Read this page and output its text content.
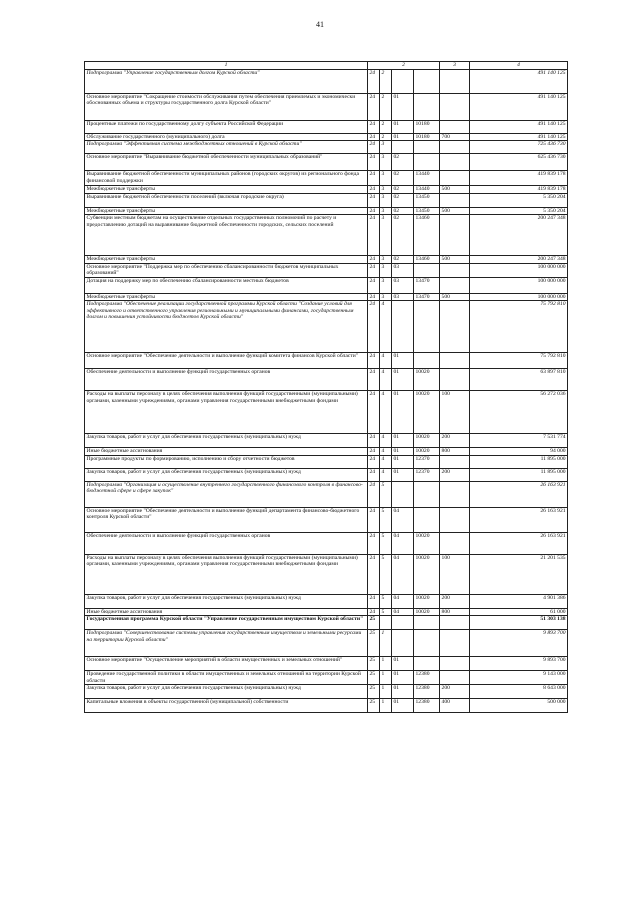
41
1	2				3	4
Подпрограмма "Управление государственным долгом Курской области"	24	2				491 140 125
Основное мероприятие "Сокращение стоимости обслуживания путем обеспечения приемлемых и экономически обоснованных объема и структуры государственного долга Курской области"	24	2	01			491 140 125
Процентные платежи по государственному долгу субъекта Российской Федерации	24	2	01	10180		491 140 125
Обслуживание государственного (муниципального) долга	24	2	01	10180	700	491 140 125
Подпрограмма "Эффективная система межбюджетных отношений в Курской области"	24	3				725 436 730
Основное мероприятие "Выравнивание бюджетной обеспеченности муниципальных образований"	24	3	02			625 436 730
Выравнивание бюджетной обеспеченности муниципальных районов (городских округов) из регионального фонда финансовой поддержки	24	3	02	13440		419 839 178
Межбюджетные трансферты	24	3	02	13440	500	419 839 178
Выравнивание бюджетной обеспеченности поселений (включая городские округа)	24	3	02	13450		5 350 204
Межбюджетные трансферты	24	3	02	13450	500	5 350 204
Субвенции местным бюджетам на осуществление отдельных государственных полномочий по расчету и предоставлению дотаций на выравнивание бюджетной обеспеченности городских, сельских поселений	24	3	02	13460		200 247 348
Межбюджетные трансферты	24	3	02	13460	500	200 247 348
Основное мероприятие "Поддержка мер по обеспечению сбалансированности бюджетов муниципальных образований"	24	3	03			100 000 000
Дотация на поддержку мер по обеспечению сбалансированности местных бюджетов	24	3	03	13470		100 000 000
Межбюджетные трансферты	24	3	03	13470	500	100 000 000
Подпрограмма "Обеспечение реализации государственной программы Курской области "Создание условий для эффективного и ответственного управления региональными и муниципальными финансами, государственным долгом и повышения устойчивости бюджетов Курской области"	24	4				75 792 810
Основное мероприятие "Обеспечение деятельности и выполнение функций комитета финансов Курской области"	24	4	01			75 792 810
Обеспечение деятельности и выполнение функций государственных органов	24	4	01	10020		63 897 810
Расходы на выплаты персоналу в целях обеспечения выполнения функций государственными (муниципальными) органами, казенными учреждениями, органами управления государственными внебюджетными фондами	24	4	01	10020	100	56 272 036
Закупка товаров, работ и услуг для обеспечения государственных (муниципальных) нужд	24	4	01	10020	200	7 531 774
Иные бюджетные ассигнования	24	4	01	10020	800	94 000
Программные продукты по формированию, исполнению и сбору отчетности бюджетов	24	4	01	12370		11 895 000
Закупка товаров, работ и услуг для обеспечения государственных (муниципальных) нужд	24	4	01	12370	200	11 895 000
Подпрограмма "Организация и осуществление внутреннего государственного финансового контроля в финансово-бюджетной сфере и сфере закупок"	24	5				26 163 921
Основное мероприятие "Обеспечение деятельности и выполнение функций департамента финансово-бюджетного контроля Курской области"	24	5	04			26 163 921
Обеспечение деятельности и выполнение функций государственных органов	24	5	04	10020		26 163 921
Расходы на выплаты персоналу в целях обеспечения выполнения функций государственными (муниципальными) органами, казенными учреждениями, органами управления государственными внебюджетными фондами	24	5	04	10020	100	21 201 535
Закупка товаров, работ и услуг для обеспечения государственных (муниципальных) нужд	24	5	04	10020	200	4 901 386
Иные бюджетные ассигнования	24	5	04	10020	800	61 000
Государственная программа Курской области "Управление государственным имуществом Курской области"	25					51 303 138
Подпрограмма "Совершенствование системы управления государственным имуществом и земельными ресурсами на территории Курской области"	25	1				9 893 700
Основное мероприятие "Осуществление мероприятий в области имущественных и земельных отношений"	25	1	01			9 893 700
Проведение государственной политики в области имущественных и земельных отношений на территории Курской области	25	1	01	12380		9 143 000
Закупка товаров, работ и услуг для обеспечения государственных (муниципальных) нужд	25	1	01	12380	200	8 643 000
Капитальные вложения в объекты государственной (муниципальной) собственности	25	1	01	12380	400	500 000
